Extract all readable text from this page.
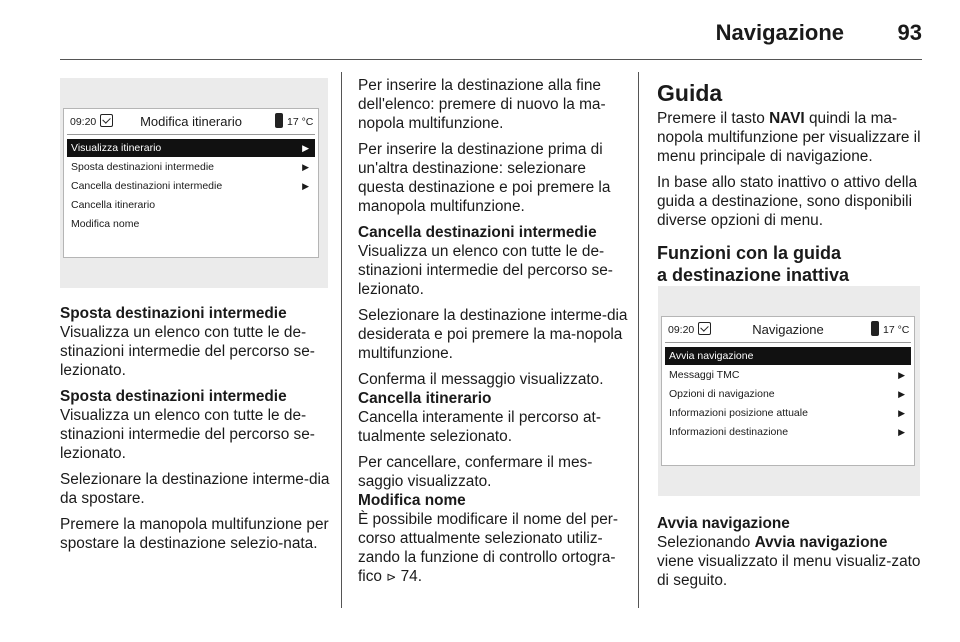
Navigazione 93
09:20	Modifica itinerario	17 °C
Visualizza itinerario	▶
Sposta destinazioni intermedie	▶
Cancella destinazioni intermedie	▶
Cancella itinerario
Modifica nome

Sposta destinazioni intermedie

Visualizza un elenco con tutte le de-stinazioni intermedie del percorso se-lezionato.

Sposta destinazioni intermedie

Visualizza un elenco con tutte le de-stinazioni intermedie del percorso se-lezionato.

Selezionare la destinazione interme-dia da spostare.

Premere la manopola multifunzione per spostare la destinazione selezio-nata.

Per inserire la destinazione alla fine dell'elenco: premere di nuovo la ma-nopola multifunzione.

Per inserire la destinazione prima di un'altra destinazione: selezionare questa destinazione e poi premere la manopola multifunzione.

Cancella destinazioni intermedie

Visualizza un elenco con tutte le de-stinazioni intermedie del percorso se-lezionato.

Selezionare la destinazione interme-dia desiderata e poi premere la ma-nopola multifunzione.

Conferma il messaggio visualizzato.

Cancella itinerario

Cancella interamente il percorso at-tualmente selezionato.

Per cancellare, confermare il mes-saggio visualizzato.

Modifica nome

È possibile modificare il nome del per-corso attualmente selezionato utiliz-zando la funzione di controllo ortogra-fico ⊳ 74.

Guida

Premere il tasto NAVI quindi la ma-nopola multifunzione per visualizzare il menu principale di navigazione.

In base allo stato inattivo o attivo della guida a destinazione, sono disponibili diverse opzioni di menu.

Funzioni con la guida
a destinazione inattiva
09:20	Navigazione	17 °C
Avvia navigazione
Messaggi TMC	▶
Opzioni di navigazione	▶
Informazioni posizione attuale	▶
Informazioni destinazione	▶

Avvia navigazione

Selezionando Avvia navigazione viene visualizzato il menu visualiz-zato di seguito.
